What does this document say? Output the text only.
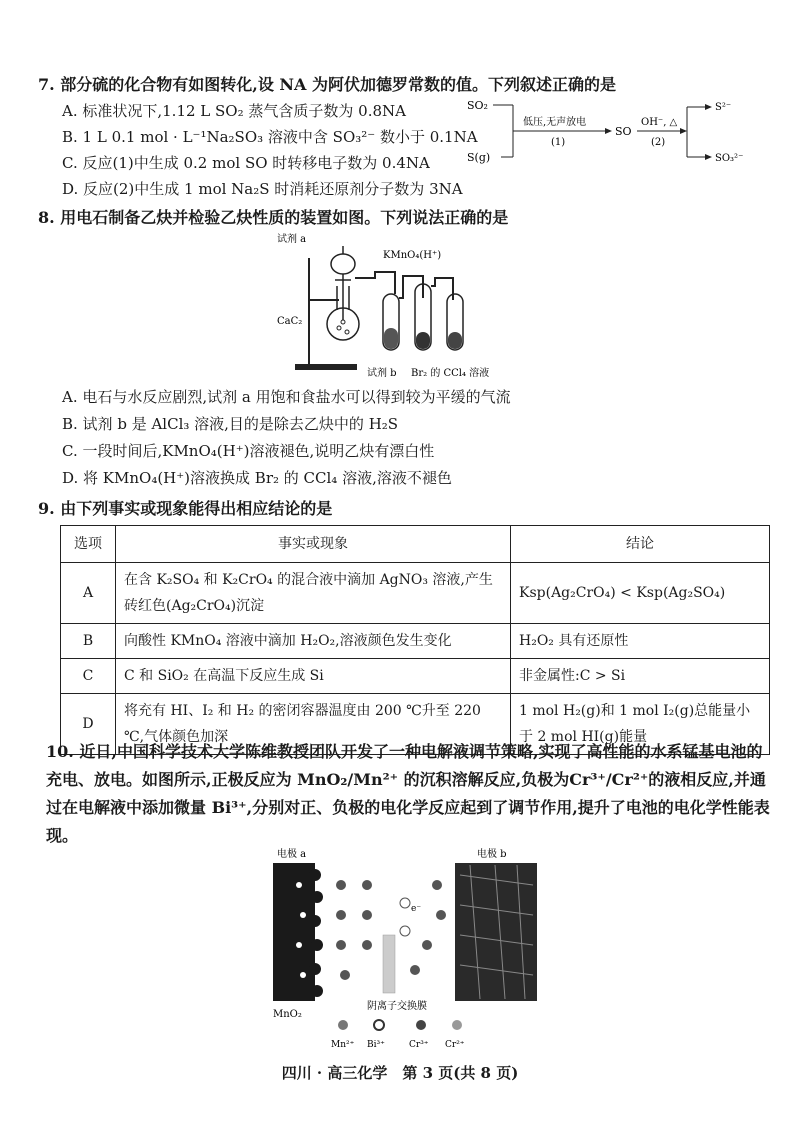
7. 部分硫的化合物有如图转化,设 NA 为阿伏加德罗常数的值。下列叙述正确的是
A. 标准状况下,1.12 L SO₂ 蒸气含质子数为 0.8NA
B. 1 L 0.1 mol · L⁻¹Na₂SO₃ 溶液中含 SO₃²⁻ 数小于 0.1NA
C. 反应(1)中生成 0.2 mol SO 时转移电子数为 0.4NA
D. 反应(2)中生成 1 mol Na₂S 时消耗还原剂分子数为 3NA
SO₂
S(g)
低压,无声放电
(1)
SO
OH⁻, △
(2)
S²⁻
SO₃²⁻
8. 用电石制备乙炔并检验乙炔性质的装置如图。下列说法正确的是
试剂 a
CaC₂
试剂 b
KMnO₄(H⁺)
Br₂ 的 CCl₄ 溶液
A. 电石与水反应剧烈,试剂 a 用饱和食盐水可以得到较为平缓的气流
B. 试剂 b 是 AlCl₃ 溶液,目的是除去乙炔中的 H₂S
C. 一段时间后,KMnO₄(H⁺)溶液褪色,说明乙炔有漂白性
D. 将 KMnO₄(H⁺)溶液换成 Br₂ 的 CCl₄ 溶液,溶液不褪色
9. 由下列事实或现象能得出相应结论的是
选项	事实或现象	结论
A	在含 K₂SO₄ 和 K₂CrO₄ 的混合液中滴加 AgNO₃ 溶液,产生砖红色(Ag₂CrO₄)沉淀	Ksp(Ag₂CrO₄) < Ksp(Ag₂SO₄)
B	向酸性 KMnO₄ 溶液中滴加 H₂O₂,溶液颜色发生变化	H₂O₂ 具有还原性
C	C 和 SiO₂ 在高温下反应生成 Si	非金属性:C > Si
D	将充有 HI、I₂ 和 H₂ 的密闭容器温度由 200 ℃升至 220 ℃,气体颜色加深	1 mol H₂(g)和 1 mol I₂(g)总能量小于 2 mol HI(g)能量
10. 近日,中国科学技术大学陈维教授团队开发了一种电解液调节策略,实现了高性能的水系锰基电池的充电、放电。如图所示,正极反应为 MnO₂/Mn²⁺ 的沉积溶解反应,负极为Cr³⁺/Cr²⁺的液相反应,并通过在电解液中添加微量 Bi³⁺,分别对正、负极的电化学反应起到了调节作用,提升了电池的电化学性能表现。
电极 a	电极 b
MnO₂
阴离子交换膜
e⁻
Mn²⁺ Bi³⁺	Cr³⁺ Cr²⁺
四川 · 高三化学　第 3 页(共 8 页)
